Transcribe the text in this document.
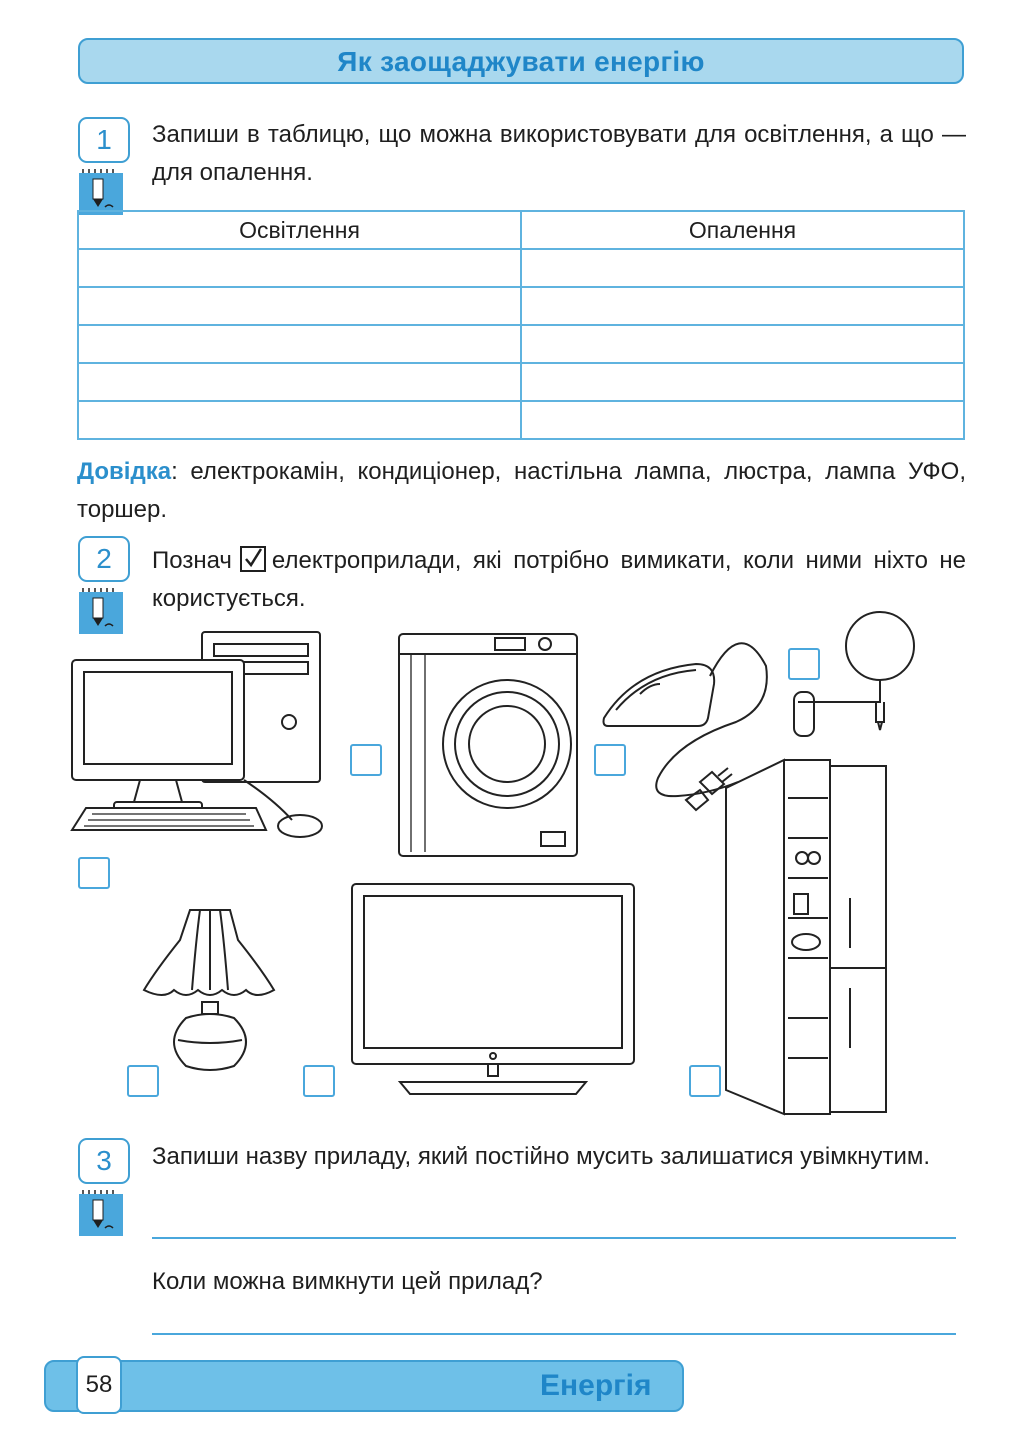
Як заощаджувати енергію
1	Запиши в таблицю, що можна використовувати для освітлення, а що — для опалення.
Освітлення	Опалення

Довідка: електрокамін, кондиціонер, настільна лампа, люстра, лампа УФО, торшер.
2	Познач електроприлади, які потрібно вимикати, коли ними ніхто не користується.
3	Запиши назву приладу, який постійно мусить залишатися увімкнутим.
Коли можна вимкнути цей прилад?
58	Енергія
